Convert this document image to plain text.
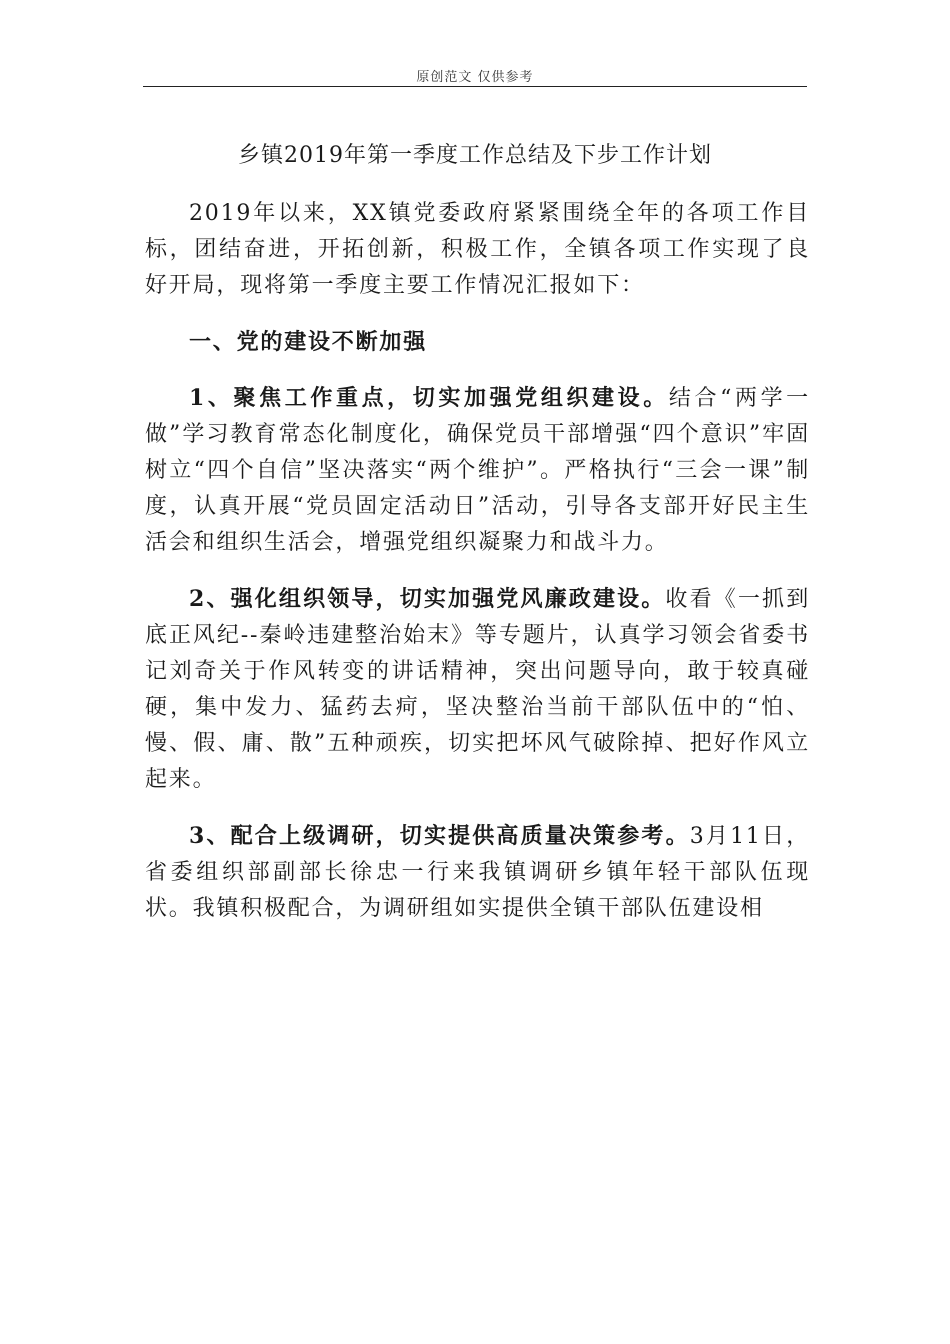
原创范文 仅供参考
乡镇2019年第一季度工作总结及下步工作计划

2019年以来，XX镇党委政府紧紧围绕全年的各项工作目标，团结奋进，开拓创新，积极工作，全镇各项工作实现了良好开局，现将第一季度主要工作情况汇报如下：

一、党的建设不断加强

1、聚焦工作重点，切实加强党组织建设。结合“两学一做”学习教育常态化制度化，确保党员干部增强“四个意识”牢固树立“四个自信”坚决落实“两个维护”。严格执行“三会一课”制度，认真开展“党员固定活动日”活动，引导各支部开好民主生活会和组织生活会，增强党组织凝聚力和战斗力。

2、强化组织领导，切实加强党风廉政建设。收看《一抓到底正风纪--秦岭违建整治始末》等专题片，认真学习领会省委书记刘奇关于作风转变的讲话精神，突出问题导向，敢于较真碰硬，集中发力、猛药去疴，坚决整治当前干部队伍中的“怕、慢、假、庸、散”五种顽疾，切实把坏风气破除掉、把好作风立起来。

3、配合上级调研，切实提供高质量决策参考。3月11日，省委组织部副部长徐忠一行来我镇调研乡镇年轻干部队伍现状。我镇积极配合，为调研组如实提供全镇干部队伍建设相
